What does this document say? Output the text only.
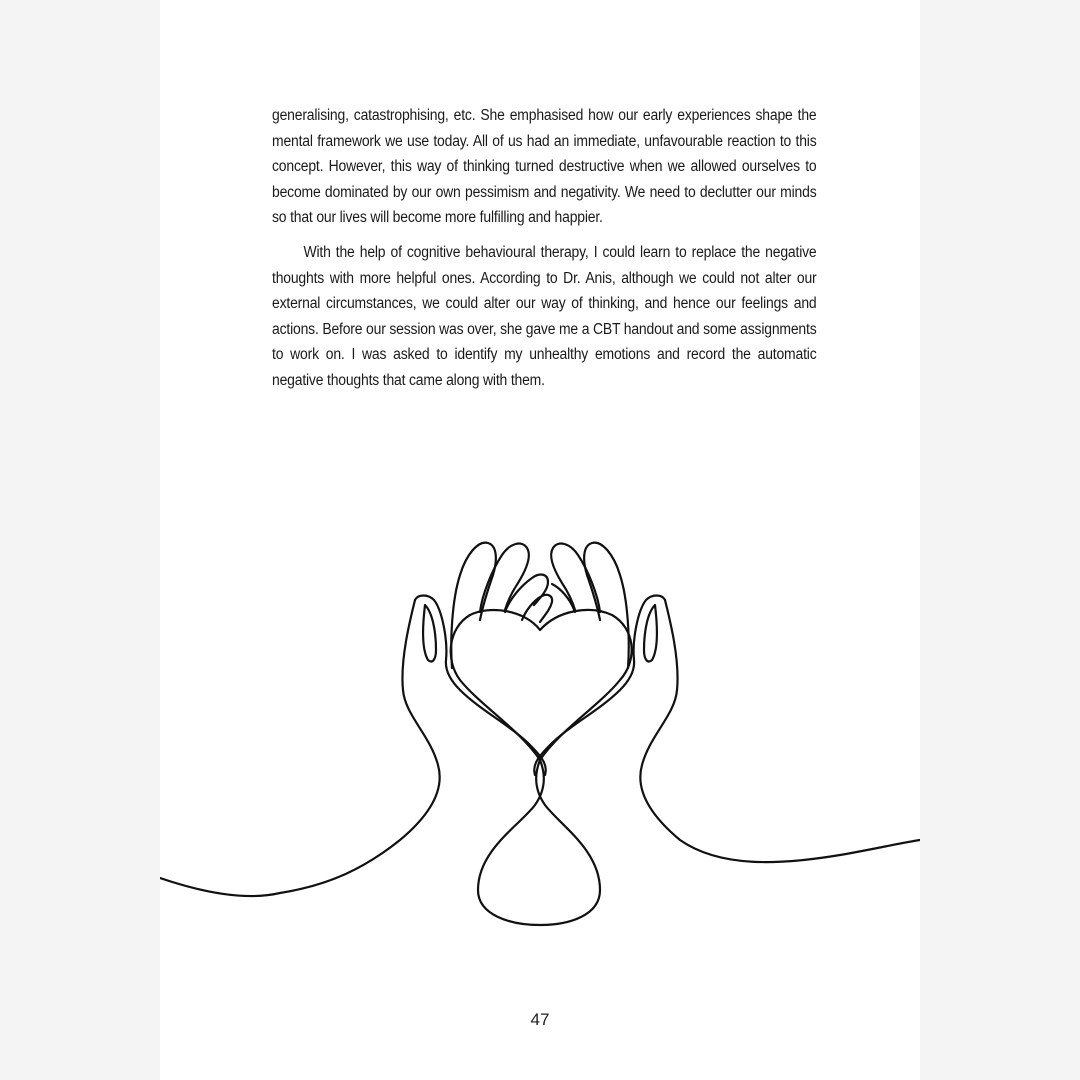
generalising, catastrophising, etc. She emphasised how our early experiences shape the mental framework we use today. All of us had an immediate, unfavourable reaction to this concept. However, this way of thinking turned destructive when we allowed ourselves to become dominated by our own pessimism and negativity. We need to declutter our minds so that our lives will become more fulfilling and happier.

With the help of cognitive behavioural therapy, I could learn to replace the negative thoughts with more helpful ones. According to Dr. Anis, although we could not alter our external circumstances, we could alter our way of thinking, and hence our feelings and actions. Before our session was over, she gave me a CBT handout and some assignments to work on. I was asked to identify my unhealthy emotions and record the automatic negative thoughts that came along with them.

47
